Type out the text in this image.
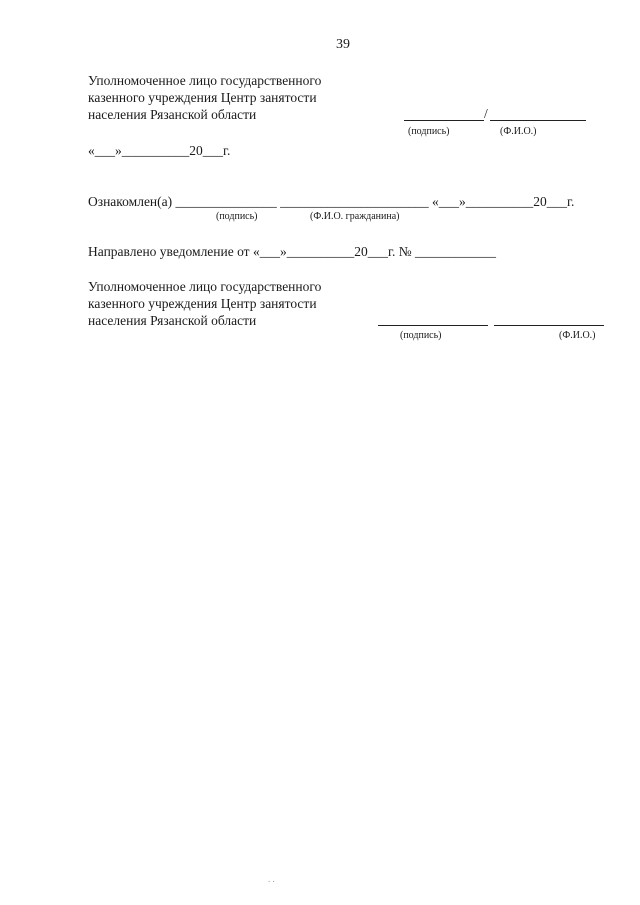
39
Уполномоченное лицо государственного
казенного учреждения Центр занятости
населения Рязанской области	/
(подпись)	(Ф.И.О.)
«___»__________20___г.
Ознакомлен(а) _______________ ______________________ «___»__________20___г.
(подпись)	(Ф.И.О. гражданина)
Направлено уведомление от «___»__________20___г. № ____________
Уполномоченное лицо государственного
казенного учреждения Центр занятости
населения Рязанской области
(подпись)	(Ф.И.О.)
. .
